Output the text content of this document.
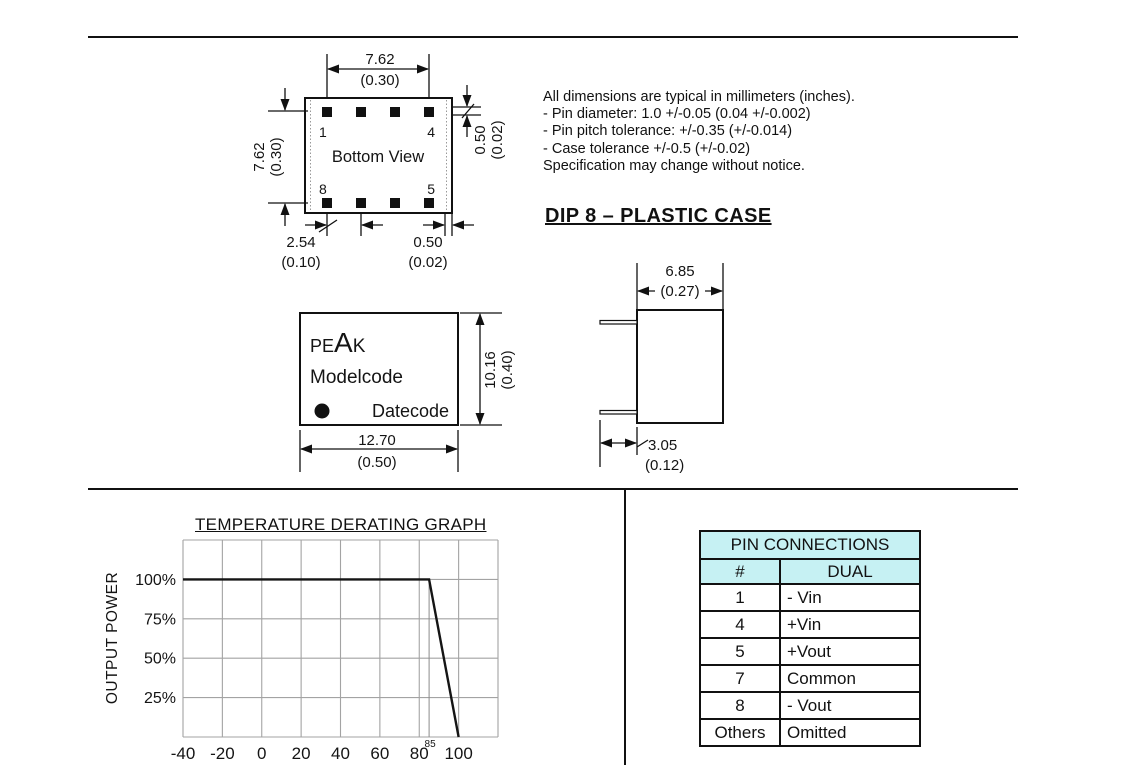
1	4
8	5
Bottom View
7.62
(0.30)
7.62 (0.30)	0.50 (0.02)
2.54
(0.10)
0.50
(0.02)
All dimensions are typical in millimeters (inches).
- Pin diameter: 1.0 +/-0.05 (0.04 +/-0.002)
- Pin pitch tolerance: +/-0.35 (+/-0.014)
- Case tolerance +/-0.5 (+/-0.02)
Specification may change without notice.
DIP 8 – PLASTIC CASE
PEAK
Modelcode
Datecode
10.16 (0.40)
12.70
(0.50)
6.85
(0.27)
3.05
(0.12)
TEMPERATURE DERATING GRAPH
OUTPUT POWER
-40 -20 0 20 40 60 80 100
100%
75%
50%
25%
85
PIN CONNECTIONS	
#	DUAL
1	- Vin
4	+Vin
5	+Vout
7	Common
8	- Vout
Others	Omitted
